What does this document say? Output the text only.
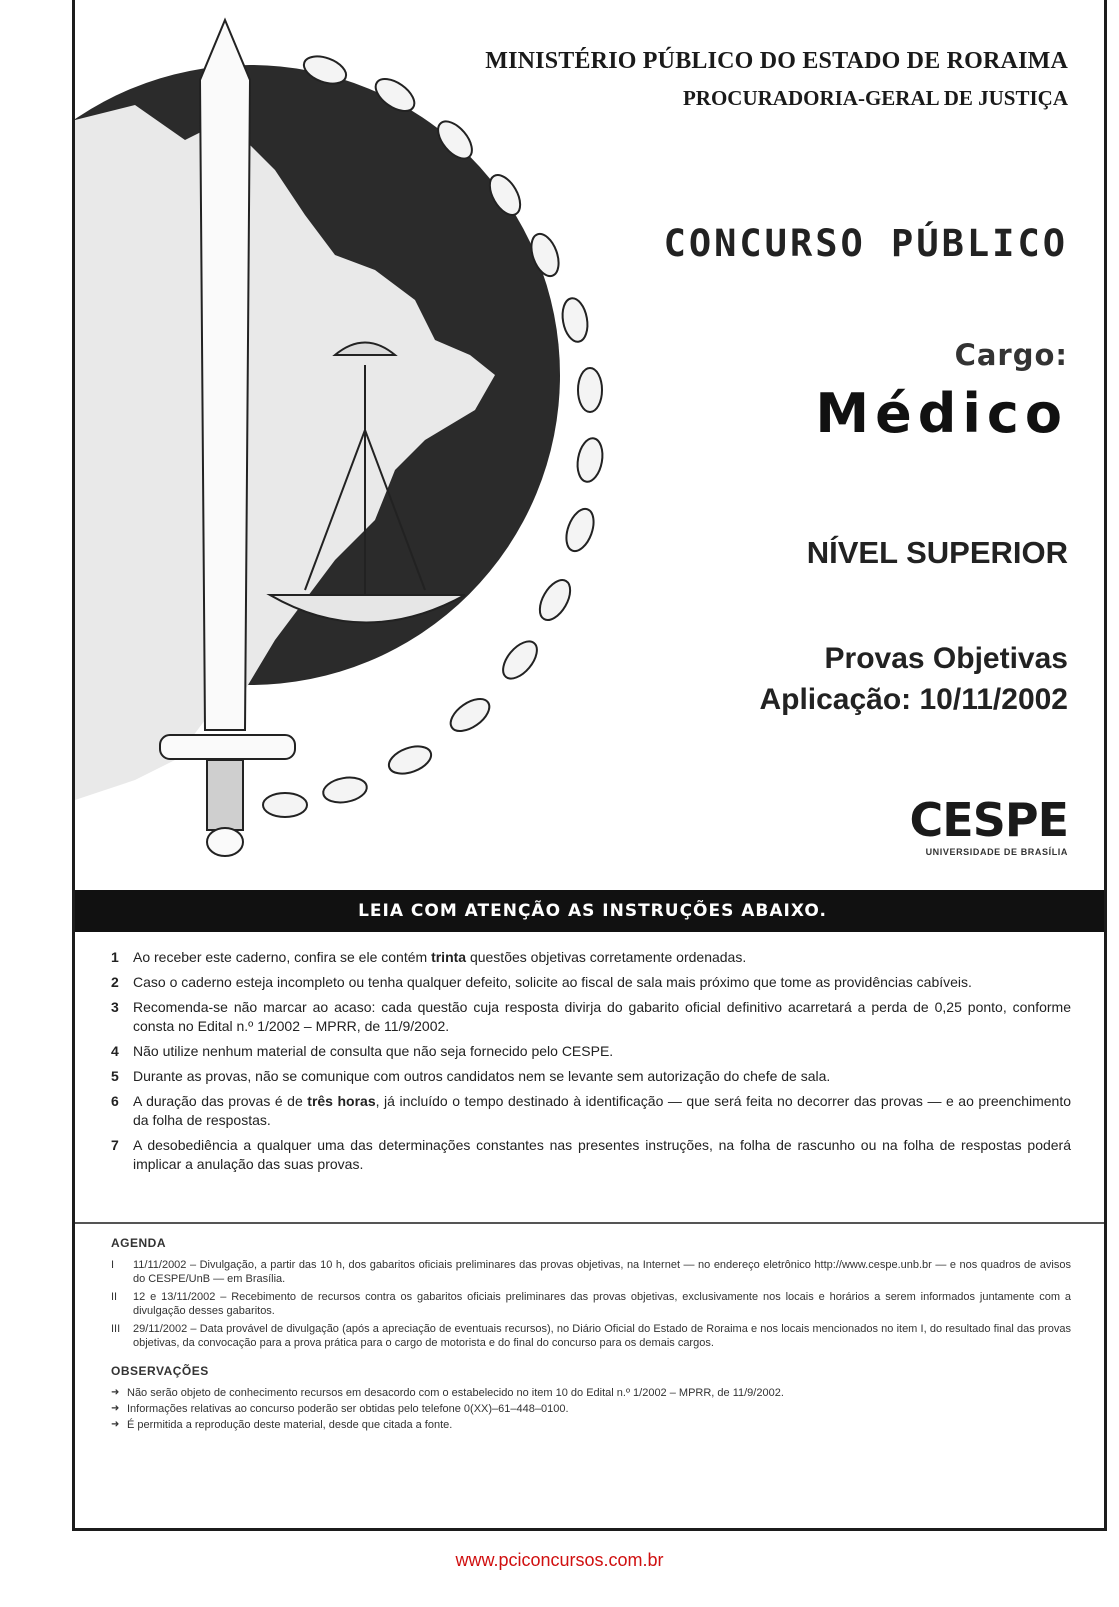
MINISTÉRIO PÚBLICO DO ESTADO DE RORAIMA
PROCURADORIA-GERAL DE JUSTIÇA
CONCURSO PÚBLICO
Cargo:
Médico
NÍVEL SUPERIOR
Provas Objetivas
Aplicação: 10/11/2002
CESPE
UNIVERSIDADE DE BRASÍLIA
LEIA COM ATENÇÃO AS INSTRUÇÕES ABAIXO.
1	Ao receber este caderno, confira se ele contém trinta questões objetivas corretamente ordenadas.
2	Caso o caderno esteja incompleto ou tenha qualquer defeito, solicite ao fiscal de sala mais próximo que tome as providências cabíveis.
3	Recomenda-se não marcar ao acaso: cada questão cuja resposta divirja do gabarito oficial definitivo acarretará a perda de 0,25 ponto, conforme consta no Edital n.º 1/2002 – MPRR, de 11/9/2002.
4	Não utilize nenhum material de consulta que não seja fornecido pelo CESPE.
5	Durante as provas, não se comunique com outros candidatos nem se levante sem autorização do chefe de sala.
6	A duração das provas é de três horas, já incluído o tempo destinado à identificação — que será feita no decorrer das provas — e ao preenchimento da folha de respostas.
7	A desobediência a qualquer uma das determinações constantes nas presentes instruções, na folha de rascunho ou na folha de respostas poderá implicar a anulação das suas provas.
AGENDA
I	11/11/2002 – Divulgação, a partir das 10 h, dos gabaritos oficiais preliminares das provas objetivas, na Internet — no endereço eletrônico http://www.cespe.unb.br — e nos quadros de avisos do CESPE/UnB — em Brasília.
II	12 e 13/11/2002 – Recebimento de recursos contra os gabaritos oficiais preliminares das provas objetivas, exclusivamente nos locais e horários a serem informados juntamente com a divulgação desses gabaritos.
III	29/11/2002 – Data provável de divulgação (após a apreciação de eventuais recursos), no Diário Oficial do Estado de Roraima e nos locais mencionados no item I, do resultado final das provas objetivas, da convocação para a prova prática para o cargo de motorista e do final do concurso para os demais cargos.
OBSERVAÇÕES
➜ Não serão objeto de conhecimento recursos em desacordo com o estabelecido no item 10 do Edital n.º 1/2002 – MPRR, de 11/9/2002.
➜ Informações relativas ao concurso poderão ser obtidas pelo telefone 0(XX)–61–448–0100.
➜ É permitida a reprodução deste material, desde que citada a fonte.
www.pciconcursos.com.br
